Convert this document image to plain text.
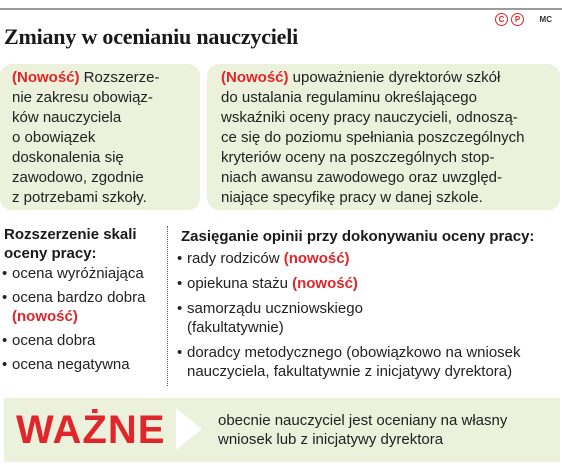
C	P	MC
Zmiany w ocenianiu nauczycieli
(Nowość) Rozszerze-
nie zakresu obowiąz-
ków nauczyciela
o obowiązek
doskonalenia się
zawodowo, zgodnie
z potrzebami szkoły.
(Nowość) upoważnienie dyrektorów szkół
do ustalania regulaminu określającego
wskaźniki oceny pracy nauczycieli, odnoszą-
ce się do poziomu spełniania poszczególnych
kryteriów oceny na poszczególnych stop-
niach awansu zawodowego oraz uwzględ-
niające specyfikę pracy w danej szkole.
Rozszerzenie skali
oceny pracy:
• ocena wyróżniająca
• ocena bardzo dobra
(nowość)
• ocena dobra
• ocena negatywna
Zasięganie opinii przy dokonywaniu oceny pracy:
• rady rodziców (nowość)
• opiekuna stażu (nowość)
• samorządu uczniowskiego
(fakultatywnie)
• doradcy metodycznego (obowiązkowo na wniosek
nauczyciela, fakultatywnie z inicjatywy dyrektora)
WAŻNE	obecnie nauczyciel jest oceniany na własny
wniosek lub z inicjatywy dyrektora
